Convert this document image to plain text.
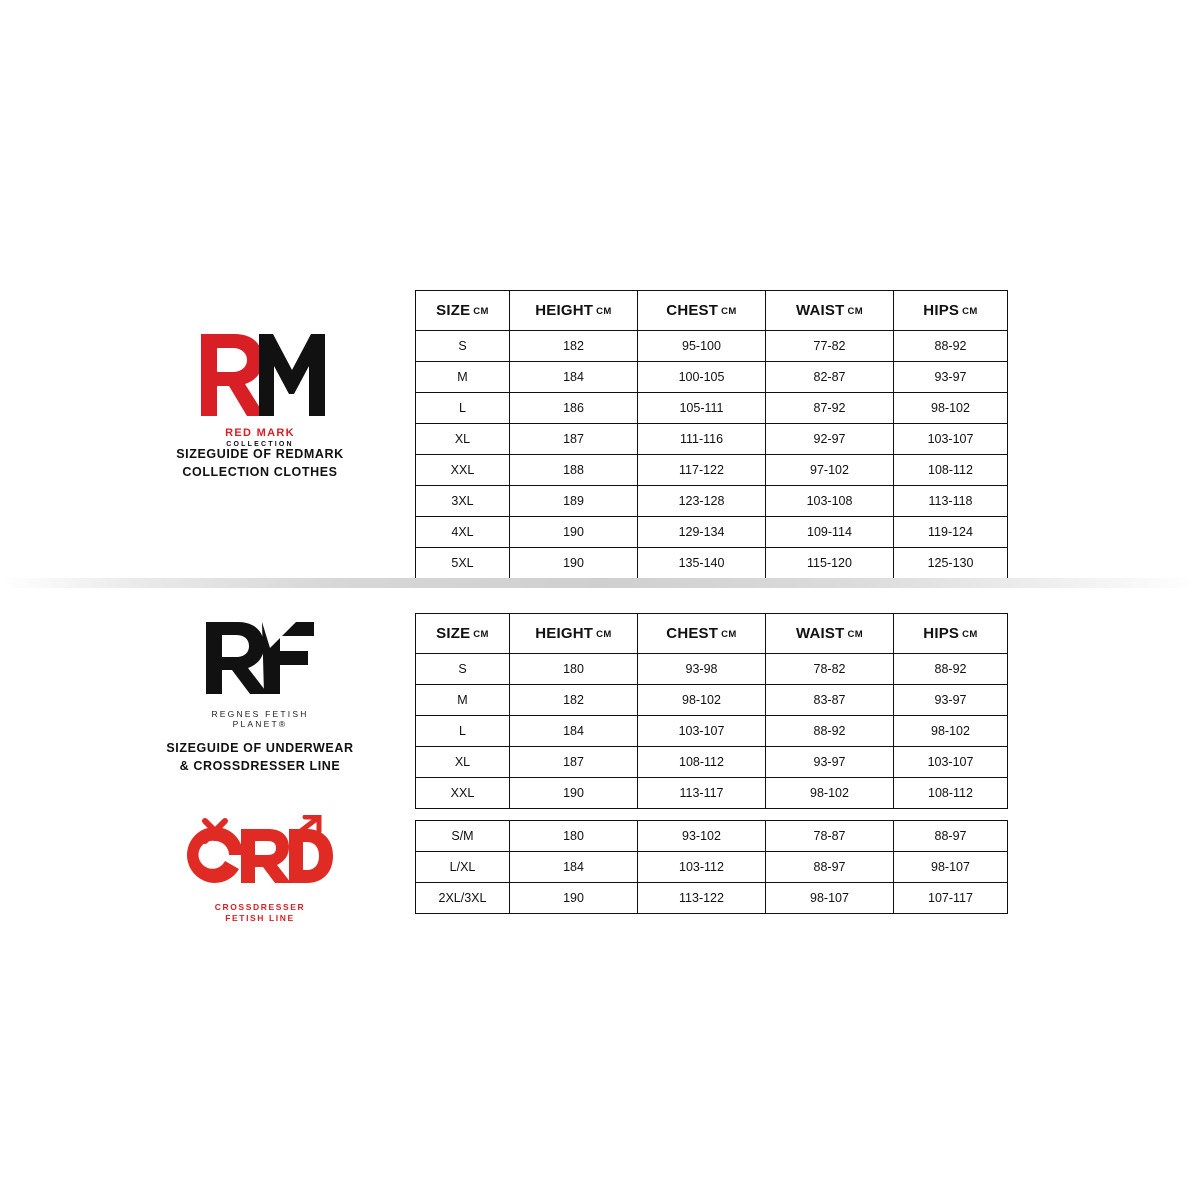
RED MARK
COLLECTION
SIZEGUIDE OF REDMARK
COLLECTION CLOTHES
SIZE CM	HEIGHT CM	CHEST CM	WAIST CM	HIPS CM
S	182	95-100	77-82	88-92
M	184	100-105	82-87	93-97
L	186	105-111	87-92	98-102
XL	187	111-116	92-97	103-107
XXL	188	117-122	97-102	108-112
3XL	189	123-128	103-108	113-118
4XL	190	129-134	109-114	119-124
5XL	190	135-140	115-120	125-130
REGNES FETISH PLANET®
SIZEGUIDE OF UNDERWEAR
& CROSSDRESSER LINE
SIZE CM	HEIGHT CM	CHEST CM	WAIST CM	HIPS CM
S	180	93-98	78-82	88-92
M	182	98-102	83-87	93-97
L	184	103-107	88-92	98-102
XL	187	108-112	93-97	103-107
XXL	190	113-117	98-102	108-112
CROSSDRESSER
FETISH LINE
S/M	180	93-102	78-87	88-97
L/XL	184	103-112	88-97	98-107
2XL/3XL	190	113-122	98-107	107-117
